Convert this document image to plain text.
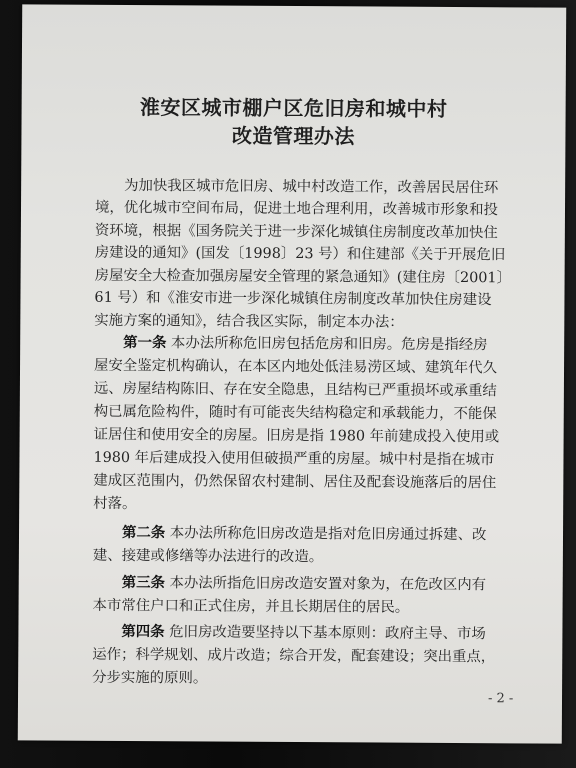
淮安区城市棚户区危旧房和城中村
改造管理办法
为加快我区城市危旧房、城中村改造工作，改善居民居住环
境，优化城市空间布局，促进土地合理利用，改善城市形象和投
资环境，根据《国务院关于进一步深化城镇住房制度改革加快住
房建设的通知》(国发〔1998〕23 号）和住建部《关于开展危旧
房屋安全大检查加强房屋安全管理的紧急通知》(建住房〔2001〕
61 号）和《淮安市进一步深化城镇住房制度改革加快住房建设
实施方案的通知》，结合我区实际，制定本办法：
第一条 本办法所称危旧房包括危房和旧房。危房是指经房
屋安全鉴定机构确认，在本区内地处低洼易涝区域、建筑年代久
远、房屋结构陈旧、存在安全隐患，且结构已严重损坏或承重结
构已属危险构件，随时有可能丧失结构稳定和承载能力，不能保
证居住和使用安全的房屋。旧房是指 1980 年前建成投入使用或
1980 年后建成投入使用但破损严重的房屋。城中村是指在城市
建成区范围内，仍然保留农村建制、居住及配套设施落后的居住
村落。
第二条 本办法所称危旧房改造是指对危旧房通过拆建、改
建、接建或修缮等办法进行的改造。
第三条 本办法所指危旧房改造安置对象为，在危改区内有
本市常住户口和正式住房，并且长期居住的居民。
第四条 危旧房改造要坚持以下基本原则：政府主导、市场
运作；科学规划、成片改造；综合开发，配套建设；突出重点，
分步实施的原则。
- 2 -
